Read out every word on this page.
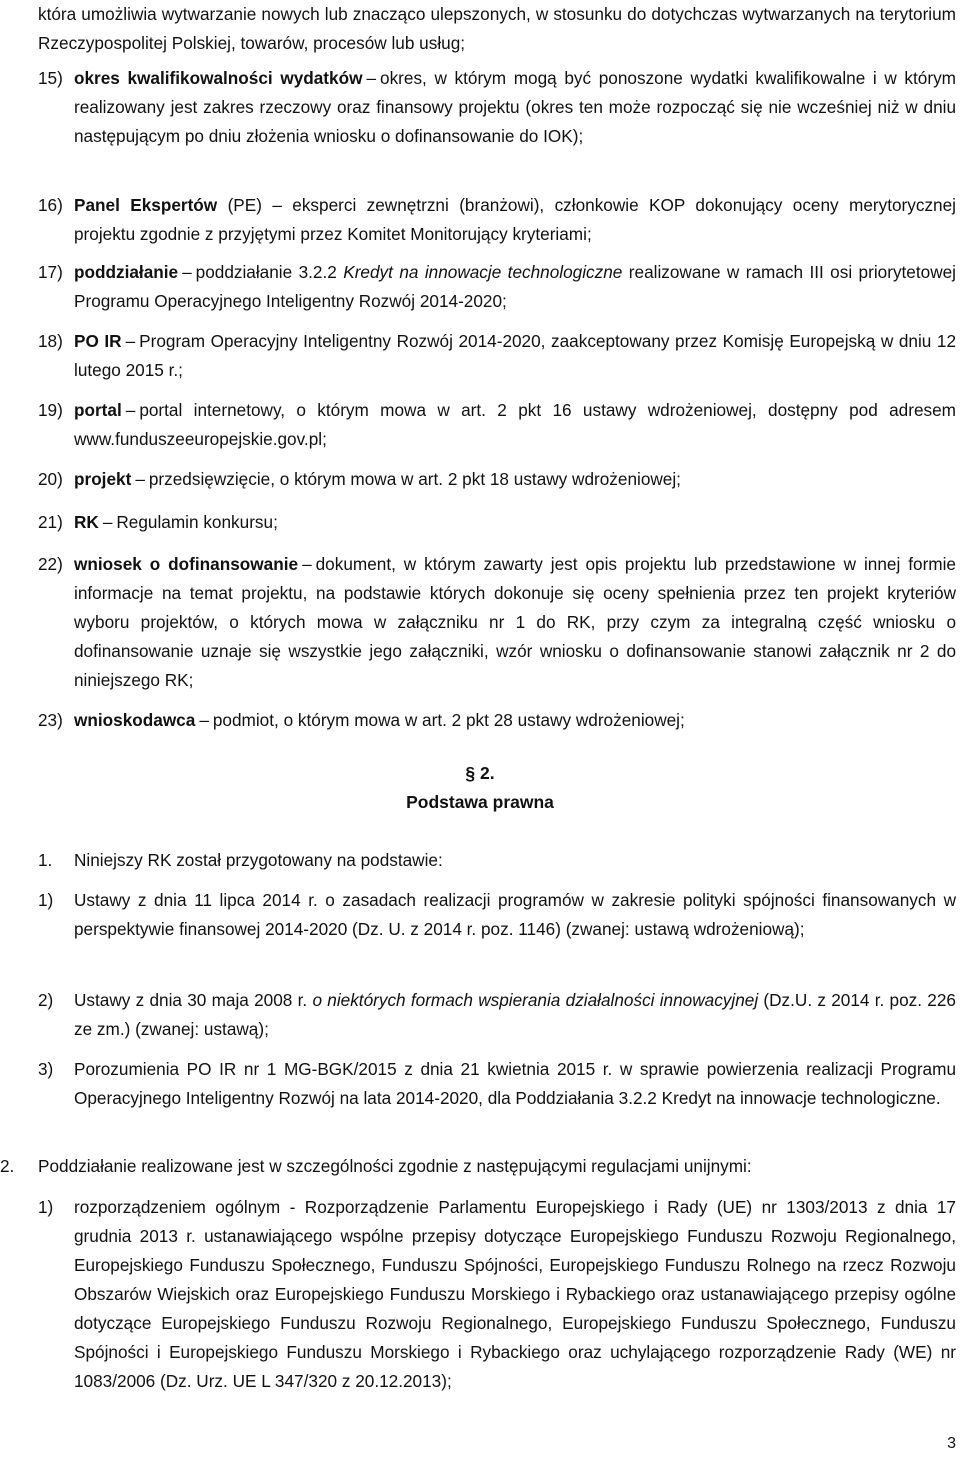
która umożliwia wytwarzanie nowych lub znacząco ulepszonych, w stosunku do dotychczas wytwarzanych na terytorium Rzeczypospolitej Polskiej, towarów, procesów lub usług;

15) okres kwalifikowalności wydatków – okres, w którym mogą być ponoszone wydatki kwalifikowalne i w którym realizowany jest zakres rzeczowy oraz finansowy projektu (okres ten może rozpocząć się nie wcześniej niż w dniu następującym po dniu złożenia wniosku o dofinansowanie do IOK);

16) Panel Ekspertów (PE) – eksperci zewnętrzni (branżowi), członkowie KOP dokonujący oceny merytorycznej projektu zgodnie z przyjętymi przez Komitet Monitorujący kryteriami;

17) poddziałanie – poddziałanie 3.2.2 Kredyt na innowacje technologiczne realizowane w ramach III osi priorytetowej Programu Operacyjnego Inteligentny Rozwój 2014-2020;

18) PO IR – Program Operacyjny Inteligentny Rozwój 2014-2020, zaakceptowany przez Komisję Europejską w dniu 12 lutego 2015 r.;

19) portal – portal internetowy, o którym mowa w art. 2 pkt 16 ustawy wdrożeniowej, dostępny pod adresem www.funduszeeuropejskie.gov.pl;

20) projekt – przedsięwzięcie, o którym mowa w art. 2 pkt 18 ustawy wdrożeniowej;

21) RK – Regulamin konkursu;

22) wniosek o dofinansowanie – dokument, w którym zawarty jest opis projektu lub przedstawione w innej formie informacje na temat projektu, na podstawie których dokonuje się oceny spełnienia przez ten projekt kryteriów wyboru projektów, o których mowa w załączniku nr 1 do RK, przy czym za integralną część wniosku o dofinansowanie uznaje się wszystkie jego załączniki, wzór wniosku o dofinansowanie stanowi załącznik nr 2 do niniejszego RK;

23) wnioskodawca – podmiot, o którym mowa w art. 2 pkt 28 ustawy wdrożeniowej;

§ 2.

Podstawa prawna

1. Niniejszy RK został przygotowany na podstawie:

1) Ustawy z dnia 11 lipca 2014 r. o zasadach realizacji programów w zakresie polityki spójności finansowanych w perspektywie finansowej 2014-2020 (Dz. U. z 2014 r. poz. 1146) (zwanej: ustawą wdrożeniową);

2) Ustawy z dnia 30 maja 2008 r. o niektórych formach wspierania działalności innowacyjnej (Dz.U. z 2014 r. poz. 226 ze zm.) (zwanej: ustawą);

3) Porozumienia PO IR nr 1 MG-BGK/2015 z dnia 21 kwietnia 2015 r. w sprawie powierzenia realizacji Programu Operacyjnego Inteligentny Rozwój na lata 2014-2020, dla Poddziałania 3.2.2 Kredyt na innowacje technologiczne.

2. Poddziałanie realizowane jest w szczególności zgodnie z następującymi regulacjami unijnymi:

1) rozporządzeniem ogólnym - Rozporządzenie Parlamentu Europejskiego i Rady (UE) nr 1303/2013 z dnia 17 grudnia 2013 r. ustanawiającego wspólne przepisy dotyczące Europejskiego Funduszu Rozwoju Regionalnego, Europejskiego Funduszu Społecznego, Funduszu Spójności, Europejskiego Funduszu Rolnego na rzecz Rozwoju Obszarów Wiejskich oraz Europejskiego Funduszu Morskiego i Rybackiego oraz ustanawiającego przepisy ogólne dotyczące Europejskiego Funduszu Rozwoju Regionalnego, Europejskiego Funduszu Społecznego, Funduszu Spójności i Europejskiego Funduszu Morskiego i Rybackiego oraz uchylającego rozporządzenie Rady (WE) nr 1083/2006 (Dz. Urz. UE L 347/320 z 20.12.2013);

3
